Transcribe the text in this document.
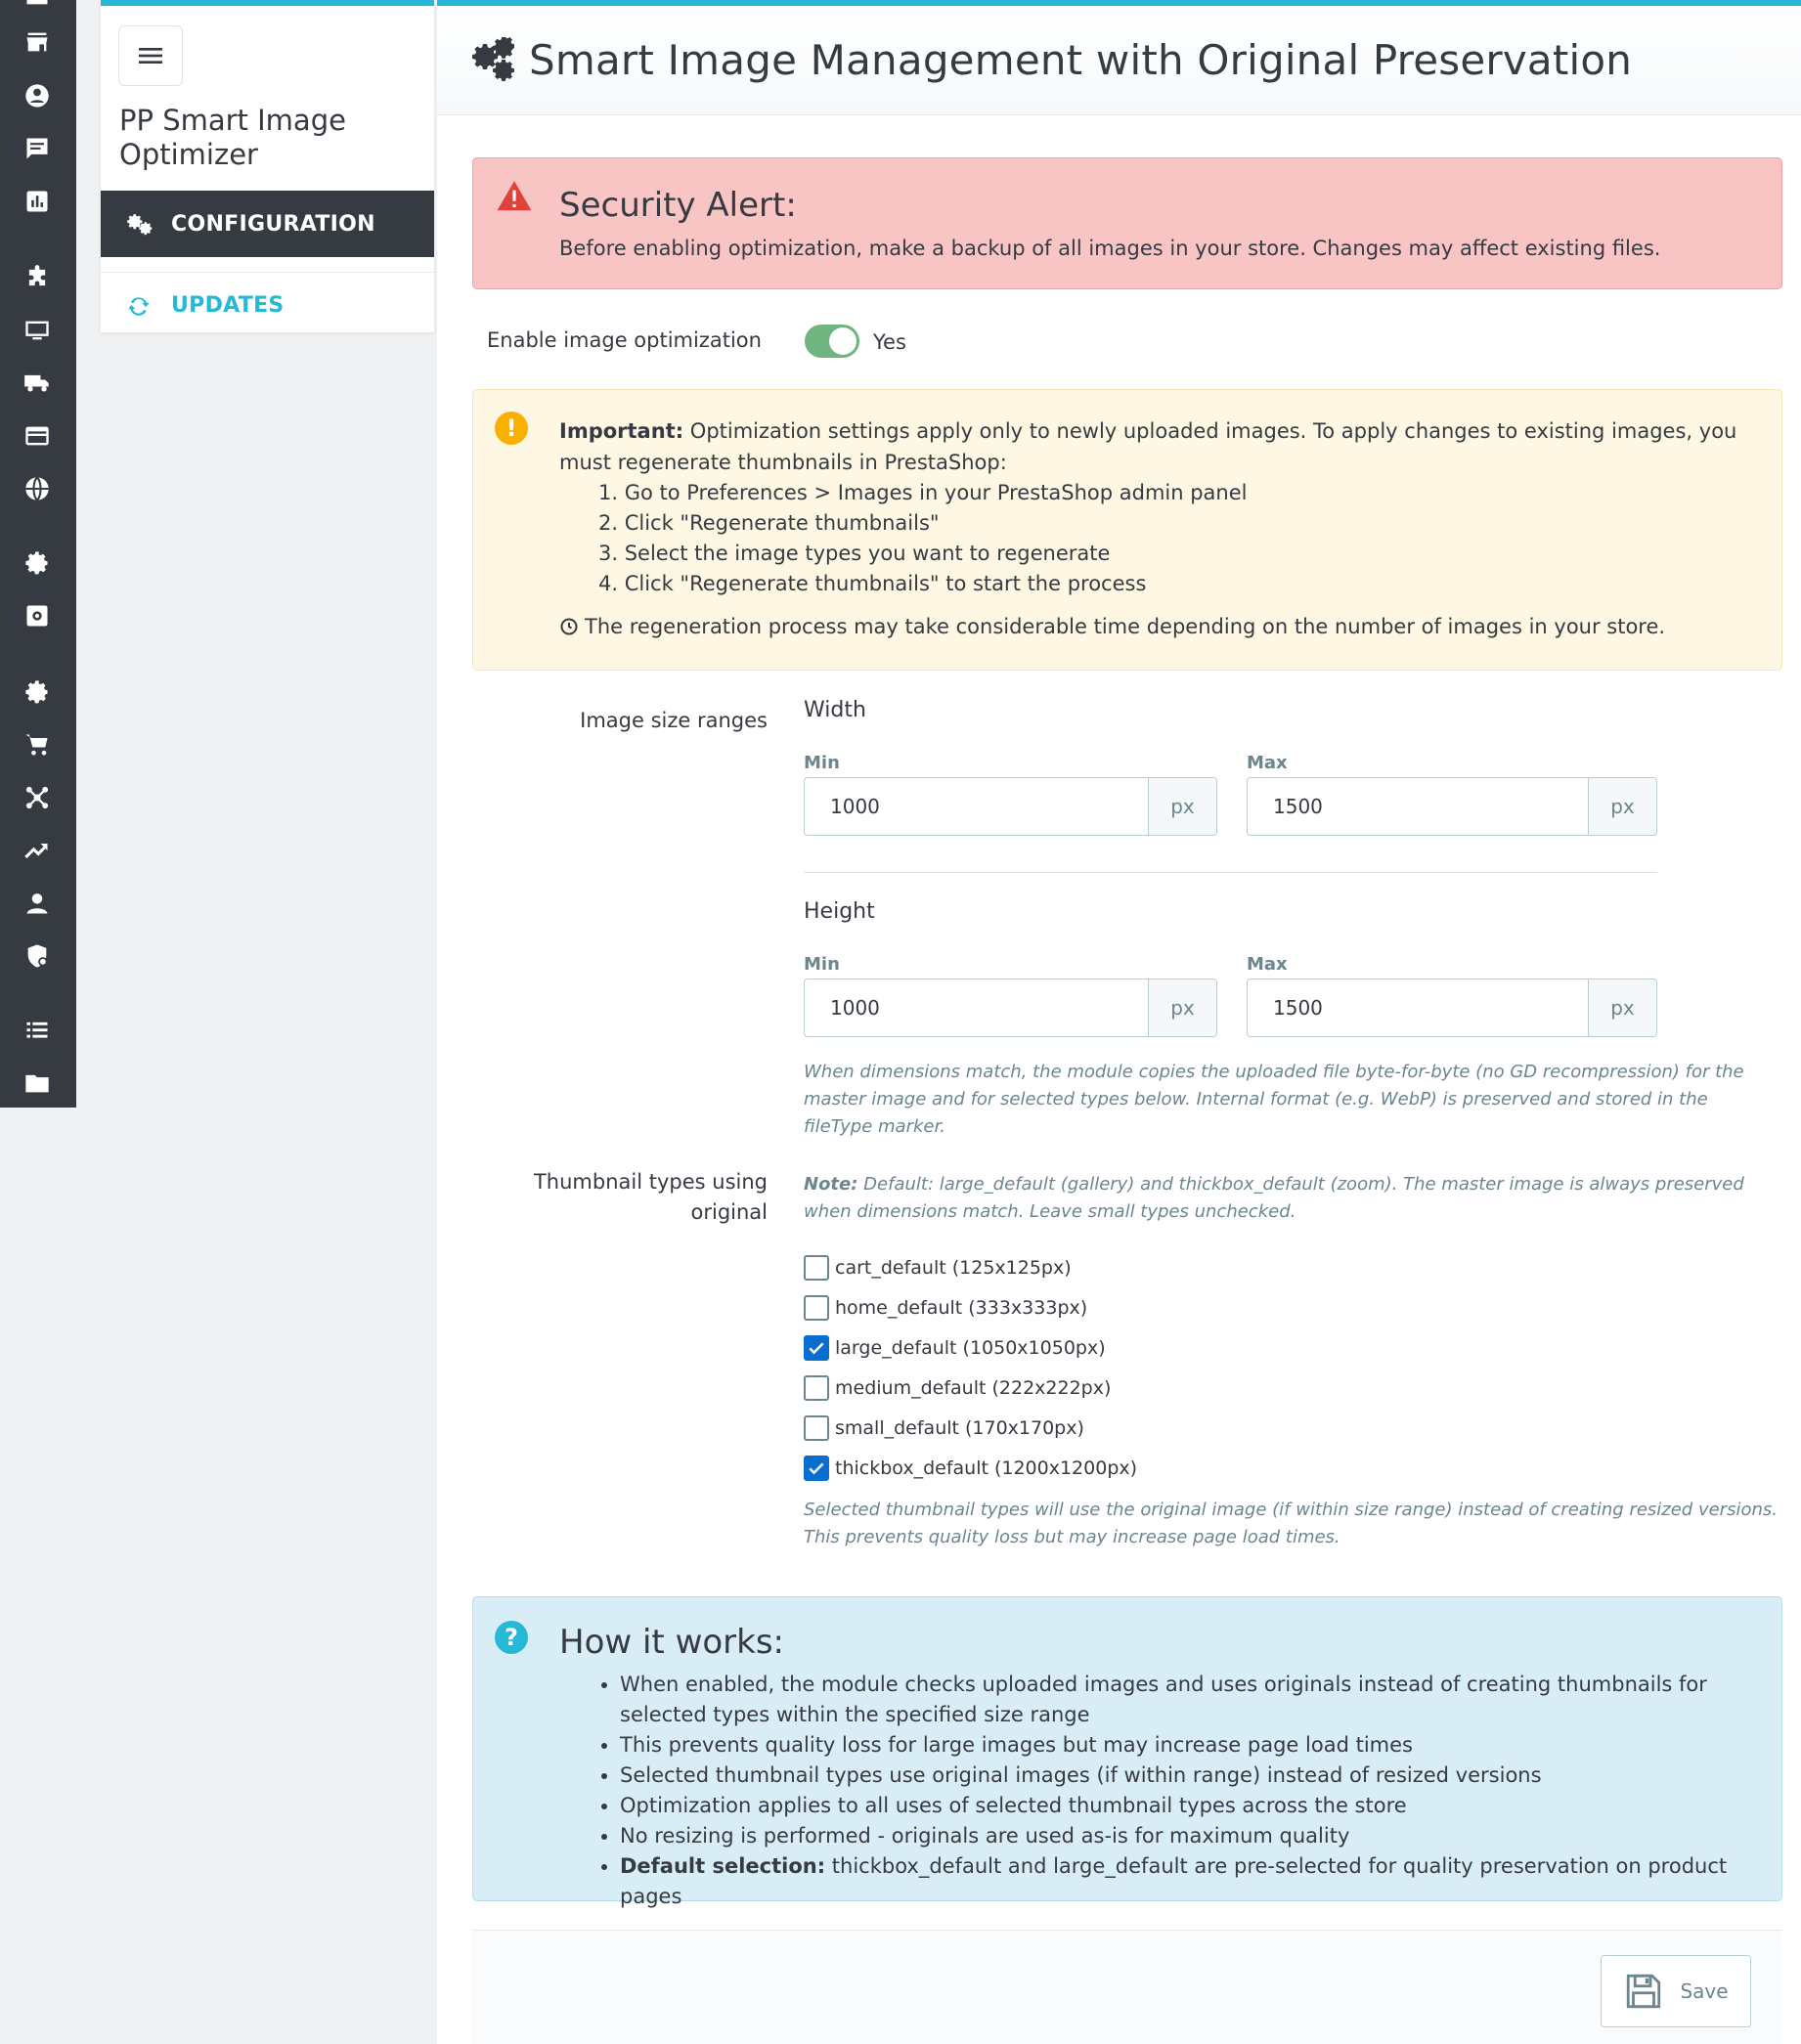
PP Smart Image Optimizer
CONFIGURATION
UPDATES
Smart Image Management with Original Preservation
Security Alert:
Before enabling optimization, make a backup of all images in your store. Changes may affect existing files.
Enable image optimization	Yes
!	Important: Optimization settings apply only to newly uploaded images. To apply changes to existing images, you must regenerate thumbnails in PrestaShop:
1. Go to Preferences > Images in your PrestaShop admin panel
2. Click "Regenerate thumbnails"
3. Select the image types you want to regenerate
4. Click "Regenerate thumbnails" to start the process
The regeneration process may take considerable time depending on the number of images in your store.
Image size ranges Width
Min	Max
1000	px	1500	px
Height
Min	Max
1000	px	1500	px
When dimensions match, the module copies the uploaded file byte-for-byte (no GD recompression) for the master image and for selected types below. Internal format (e.g. WebP) is preserved and stored in the fileType marker.
Thumbnail types using original
Note: Default: large_default (gallery) and thickbox_default (zoom). The master image is always preserved when dimensions match. Leave small types unchecked.
cart_default (125x125px)
home_default (333x333px)
large_default (1050x1050px)
medium_default (222x222px)
small_default (170x170px)
thickbox_default (1200x1200px)
Selected thumbnail types will use the original image (if within size range) instead of creating resized versions. This prevents quality loss but may increase page load times.
? How it works:
• When enabled, the module checks uploaded images and uses originals instead of creating thumbnails for selected types within the specified size range
• This prevents quality loss for large images but may increase page load times
• Selected thumbnail types use original images (if within range) instead of resized versions
• Optimization applies to all uses of selected thumbnail types across the store
• No resizing is performed - originals are used as-is for maximum quality
• Default selection: thickbox_default and large_default are pre-selected for quality preservation on product pages
Save
